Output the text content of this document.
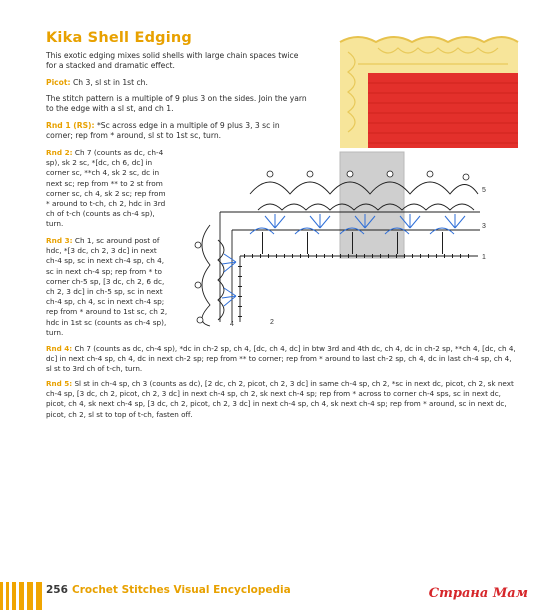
Kika Shell Edging
This exotic edging mixes solid shells with large chain spaces twice for a stacked and dramatic effect.
Picot: Ch 3, sl st in 1st ch.
The stitch pattern is a multiple of 9 plus 3 on the sides. Join the yarn to the edge with a sl st, and ch 1.
Rnd 1 (RS): *Sc across edge in a multiple of 9 plus 3, 3 sc in corner; rep from * around, sl st to 1st sc, turn.
Rnd 2: Ch 7 (counts as dc, ch-4 sp), sk 2 sc, *[dc, ch 6, dc] in corner sc, **ch 4, sk 2 sc, dc in next sc; rep from ** to 2 st from corner sc, ch 4, sk 2 sc; rep from * around to t-ch, ch 2, hdc in 3rd ch of t-ch (counts as ch-4 sp), turn.
Rnd 3: Ch 1, sc around post of hdc, *[3 dc, ch 2, 3 dc] in next ch-4 sp, sc in next ch-4 sp, ch 4, sc in next ch-4 sp; rep from * to corner ch-5 sp, [3 dc, ch 2, 6 dc, ch 2, 3 dc] in ch-5 sp, sc in next ch-4 sp, ch 4, sc in next ch-4 sp; rep from * around to 1st sc, ch 2, hdc in 1st sc (counts as ch-4 sp), turn.
Rnd 4: Ch 7 (counts as dc, ch-4 sp), *dc in ch-2 sp, ch 4, [dc, ch 4, dc] in btw 3rd and 4th dc, ch 4, dc in ch-2 sp, **ch 4, [dc, ch 4, dc] in next ch-4 sp, ch 4, dc in next ch-2 sp; rep from ** to corner; rep from * around to last ch-2 sp, ch 4, dc in last ch-4 sp, ch 4, sl st to 3rd ch of t-ch, turn.
Rnd 5: Sl st in ch-4 sp, ch 3 (counts as dc), [2 dc, ch 2, picot, ch 2, 3 dc] in same ch-4 sp, ch 2, *sc in next dc, picot, ch 2, sk next ch-4 sp, [3 dc, ch 2, picot, ch 2, 3 dc] in next ch-4 sp, ch 2, sk next ch-4 sp; rep from * across to corner ch-4 sps, sc in next dc, picot, ch 4, sk next ch-4 sp, [3 dc, ch 2, picot, ch 2, 3 dc] in next ch-4 sp, ch 4, sk next ch-4 sp; rep from * around, sc in next dc, picot, ch 2, sl st to top of t-ch, fasten off.
5
3
1
4	2
256 Crochet Stitches Visual Encyclopedia	Страна Мам
